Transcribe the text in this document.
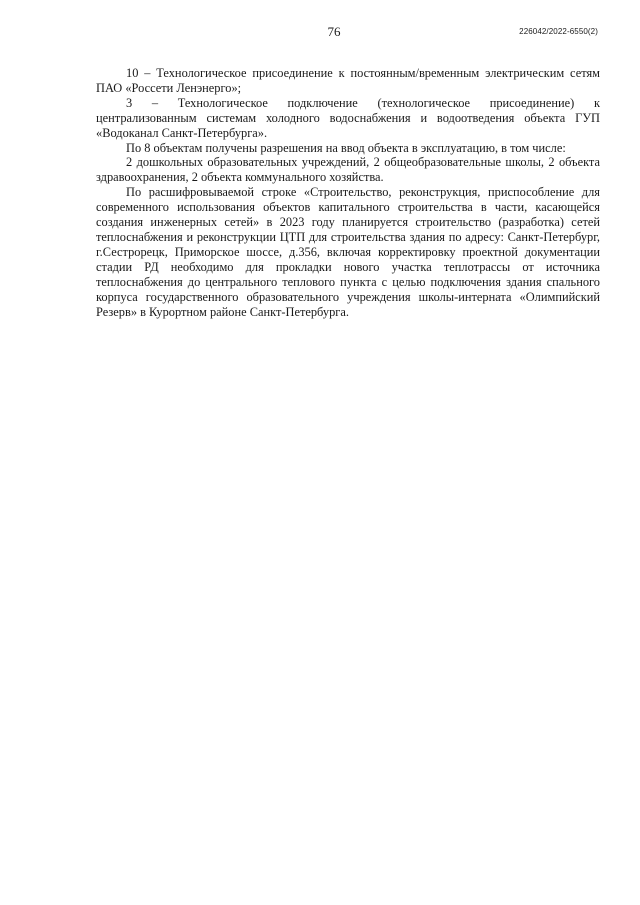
76	226042/2022-6550(2)

10 – Технологическое присоединение к постоянным/временным электрическим сетям ПАО «Россети Ленэнерго»;

3 – Технологическое подключение (технологическое присоединение) к централизованным системам холодного водоснабжения и водоотведения объекта ГУП «Водоканал Санкт-Петербурга».

По 8 объектам получены разрешения на ввод объекта в эксплуатацию, в том числе:

2 дошкольных образовательных учреждений, 2 общеобразовательные школы, 2 объекта здравоохранения, 2 объекта коммунального хозяйства.

По расшифровываемой строке «Строительство, реконструкция, приспособление для современного использования объектов капитального строительства в части, касающейся создания инженерных сетей» в 2023 году планируется строительство (разработка) сетей теплоснабжения и реконструкции ЦТП для строительства здания по адресу: Санкт-Петербург, г.Сестрорецк, Приморское шоссе, д.356, включая корректировку проектной документации стадии РД необходимо для прокладки нового участка теплотрассы от источника теплоснабжения до центрального теплового пункта с целью подключения здания спального корпуса государственного образовательного учреждения школы-интерната «Олимпийский Резерв» в Курортном районе Санкт-Петербурга.
